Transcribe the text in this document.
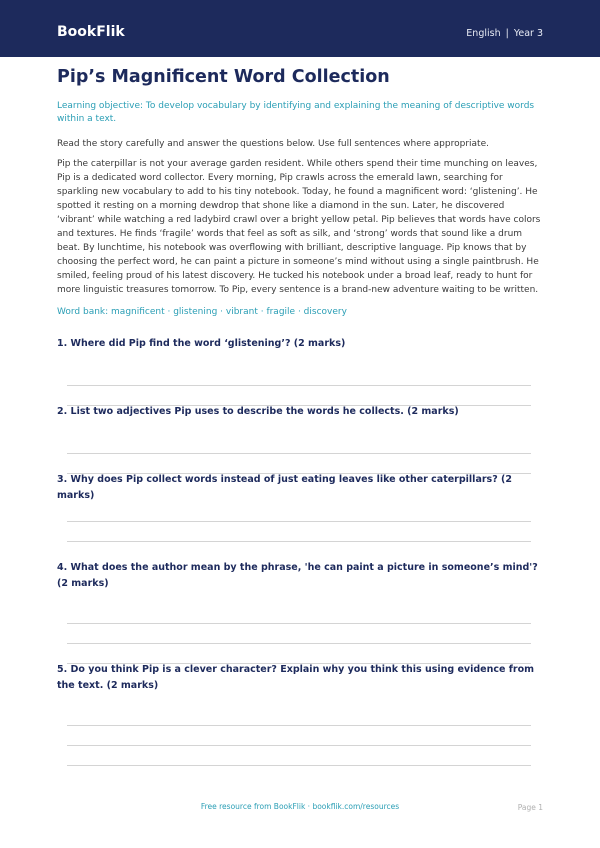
BookFlik	English | Year 3
Pip’s Magnificent Word Collection

Learning objective: To develop vocabulary by identifying and explaining the meaning of descriptive words within a text.

Read the story carefully and answer the questions below. Use full sentences where appropriate.

Pip the caterpillar is not your average garden resident. While others spend their time munching on leaves, Pip is a dedicated word collector. Every morning, Pip crawls across the emerald lawn, searching for sparkling new vocabulary to add to his tiny notebook. Today, he found a magnificent word: ‘glistening’. He spotted it resting on a morning dewdrop that shone like a diamond in the sun. Later, he discovered ‘vibrant’ while watching a red ladybird crawl over a bright yellow petal. Pip believes that words have colors and textures. He finds ‘fragile’ words that feel as soft as silk, and ‘strong’ words that sound like a drum beat. By lunchtime, his notebook was overflowing with brilliant, descriptive language. Pip knows that by choosing the perfect word, he can paint a picture in someone’s mind without using a single paintbrush. He smiled, feeling proud of his latest discovery. He tucked his notebook under a broad leaf, ready to hunt for more linguistic treasures tomorrow. To Pip, every sentence is a brand-new adventure waiting to be written.

Word bank: magnificent · glistening · vibrant · fragile · discovery

1. Where did Pip find the word ‘glistening’? (2 marks)
2. List two adjectives Pip uses to describe the words he collects. (2 marks)
3. Why does Pip collect words instead of just eating leaves like other caterpillars? (2 marks)
4. What does the author mean by the phrase, 'he can paint a picture in someone’s mind'? (2 marks)
5. Do you think Pip is a clever character? Explain why you think this using evidence from the text. (2 marks)
Free resource from BookFlik · bookflik.com/resources	Page 1
